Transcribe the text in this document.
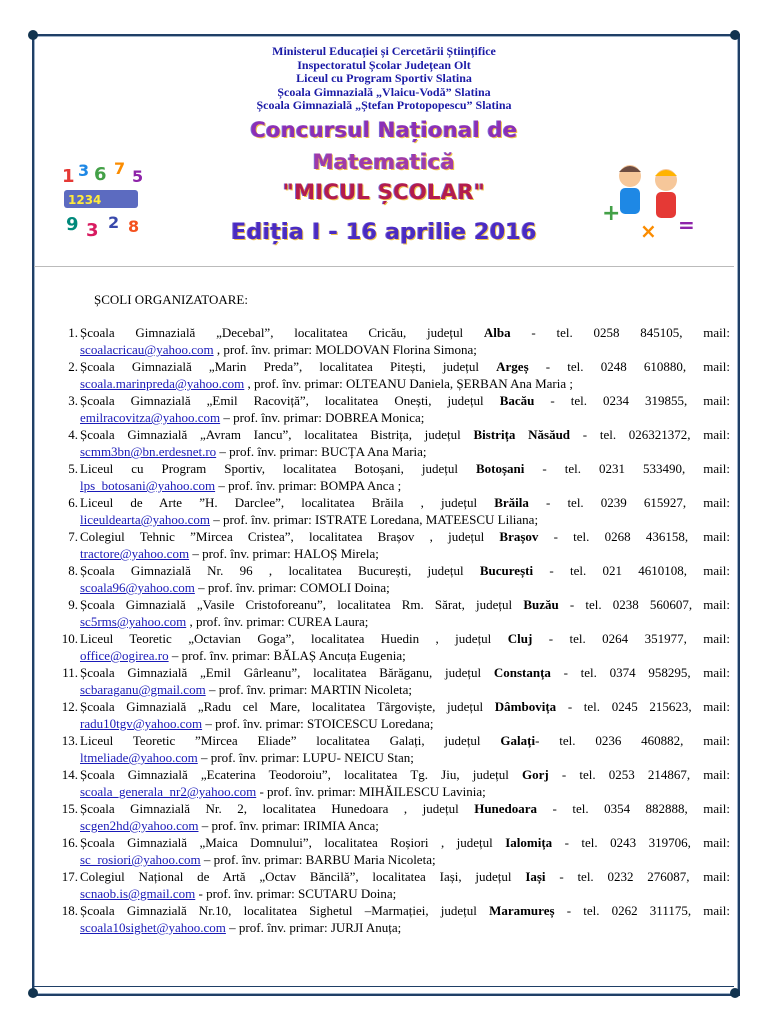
Ministerul Educației și Cercetării Științifice
Inspectoratul Școlar Județean Olt
Liceul cu Program Sportiv Slatina
Școala Gimnazială „Vlaicu-Vodă” Slatina
Școala Gimnazială „Ștefan Protopopescu” Slatina
Concursul Național de
Matematică
"MICUL ȘCOLAR"
Ediția I - 16 aprilie 2016
1 3 6 7 5
1234
9 3 2 8
+
× =
ȘCOLI ORGANIZATOARE:
1. Școala Gimnazială „Decebal”, localitatea Cricău, județul Alba - tel. 0258 845105, mail:
scoalacricau@yahoo.com , prof. înv. primar: MOLDOVAN Florina Simona;
2. Școala Gimnazială „Marin Preda”, localitatea Pitești, județul Argeș - tel. 0248 610880, mail:
scoala.marinpreda@yahoo.com , prof. înv. primar: OLTEANU Daniela, ȘERBAN Ana Maria ;
3. Școala Gimnazială „Emil Racoviță”, localitatea Onești, județul Bacău - tel. 0234 319855, mail:
emilracovitza@yahoo.com – prof. înv. primar: DOBREA Monica;
4. Școala Gimnazială „Avram Iancu”, localitatea Bistrița, județul Bistrița Năsăud - tel. 026321372, mail:
scmm3bn@bn.erdesnet.ro – prof. înv. primar: BUCȚA Ana Maria;
5. Liceul cu Program Sportiv, localitatea Botoșani, județul Botoșani - tel. 0231 533490, mail:
lps_botosani@yahoo.com – prof. înv. primar: BOMPA Anca ;
6. Liceul de Arte ”H. Darclee”, localitatea Brăila , județul Brăila - tel. 0239 615927, mail:
liceuldearta@yahoo.com – prof. înv. primar: ISTRATE Loredana, MATEESCU Liliana;
7. Colegiul Tehnic ”Mircea Cristea”, localitatea Brașov , județul Brașov - tel. 0268 436158, mail:
tractore@yahoo.com – prof. înv. primar: HALOȘ Mirela;
8. Școala Gimnazială Nr. 96 , localitatea București, județul București - tel. 021 4610108, mail:
scoala96@yahoo.com – prof. înv. primar: COMOLI Doina;
9. Școala Gimnazială „Vasile Cristoforeanu”, localitatea Rm. Sărat, județul Buzău - tel. 0238 560607, mail:
sc5rms@yahoo.com , prof. înv. primar: CUREA Laura;
10. Liceul Teoretic „Octavian Goga”, localitatea Huedin , județul Cluj - tel. 0264 351977, mail:
office@ogirea.ro – prof. înv. primar: BĂLAȘ Ancuța Eugenia;
11. Școala Gimnazială „Emil Gârleanu”, localitatea Bărăganu, județul Constanța - tel. 0374 958295, mail:
scbaraganu@gmail.com – prof. înv. primar: MARTIN Nicoleta;
12. Școala Gimnazială „Radu cel Mare, localitatea Târgoviște, județul Dâmbovița - tel. 0245 215623, mail:
radu10tgv@yahoo.com – prof. înv. primar: STOICESCU Loredana;
13. Liceul Teoretic ”Mircea Eliade” localitatea Galați, județul Galați- tel. 0236 460882, mail:
ltmeliade@yahoo.com – prof. înv. primar: LUPU- NEICU Stan;
14. Școala Gimnazială „Ecaterina Teodoroiu”, localitatea Tg. Jiu, județul Gorj - tel. 0253 214867, mail:
scoala_generala_nr2@yahoo.com - prof. înv. primar: MIHĂILESCU Lavinia;
15. Școala Gimnazială Nr. 2, localitatea Hunedoara , județul Hunedoara - tel. 0354 882888, mail:
scgen2hd@yahoo.com – prof. înv. primar: IRIMIA Anca;
16. Școala Gimnazială „Maica Domnului”, localitatea Roșiori , județul Ialomița - tel. 0243 319706, mail:
sc_rosiori@yahoo.com – prof. înv. primar: BARBU Maria Nicoleta;
17. Colegiul Național de Artă „Octav Băncilă”, localitatea Iași, județul Iași - tel. 0232 276087, mail:
scnaob.is@gmail.com - prof. înv. primar: SCUTARU Doina;
18. Școala Gimnazială Nr.10, localitatea Sighetul –Marmației, județul Maramureș - tel. 0262 311175, mail:
scoala10sighet@yahoo.com – prof. înv. primar: JURJI Anuța;
